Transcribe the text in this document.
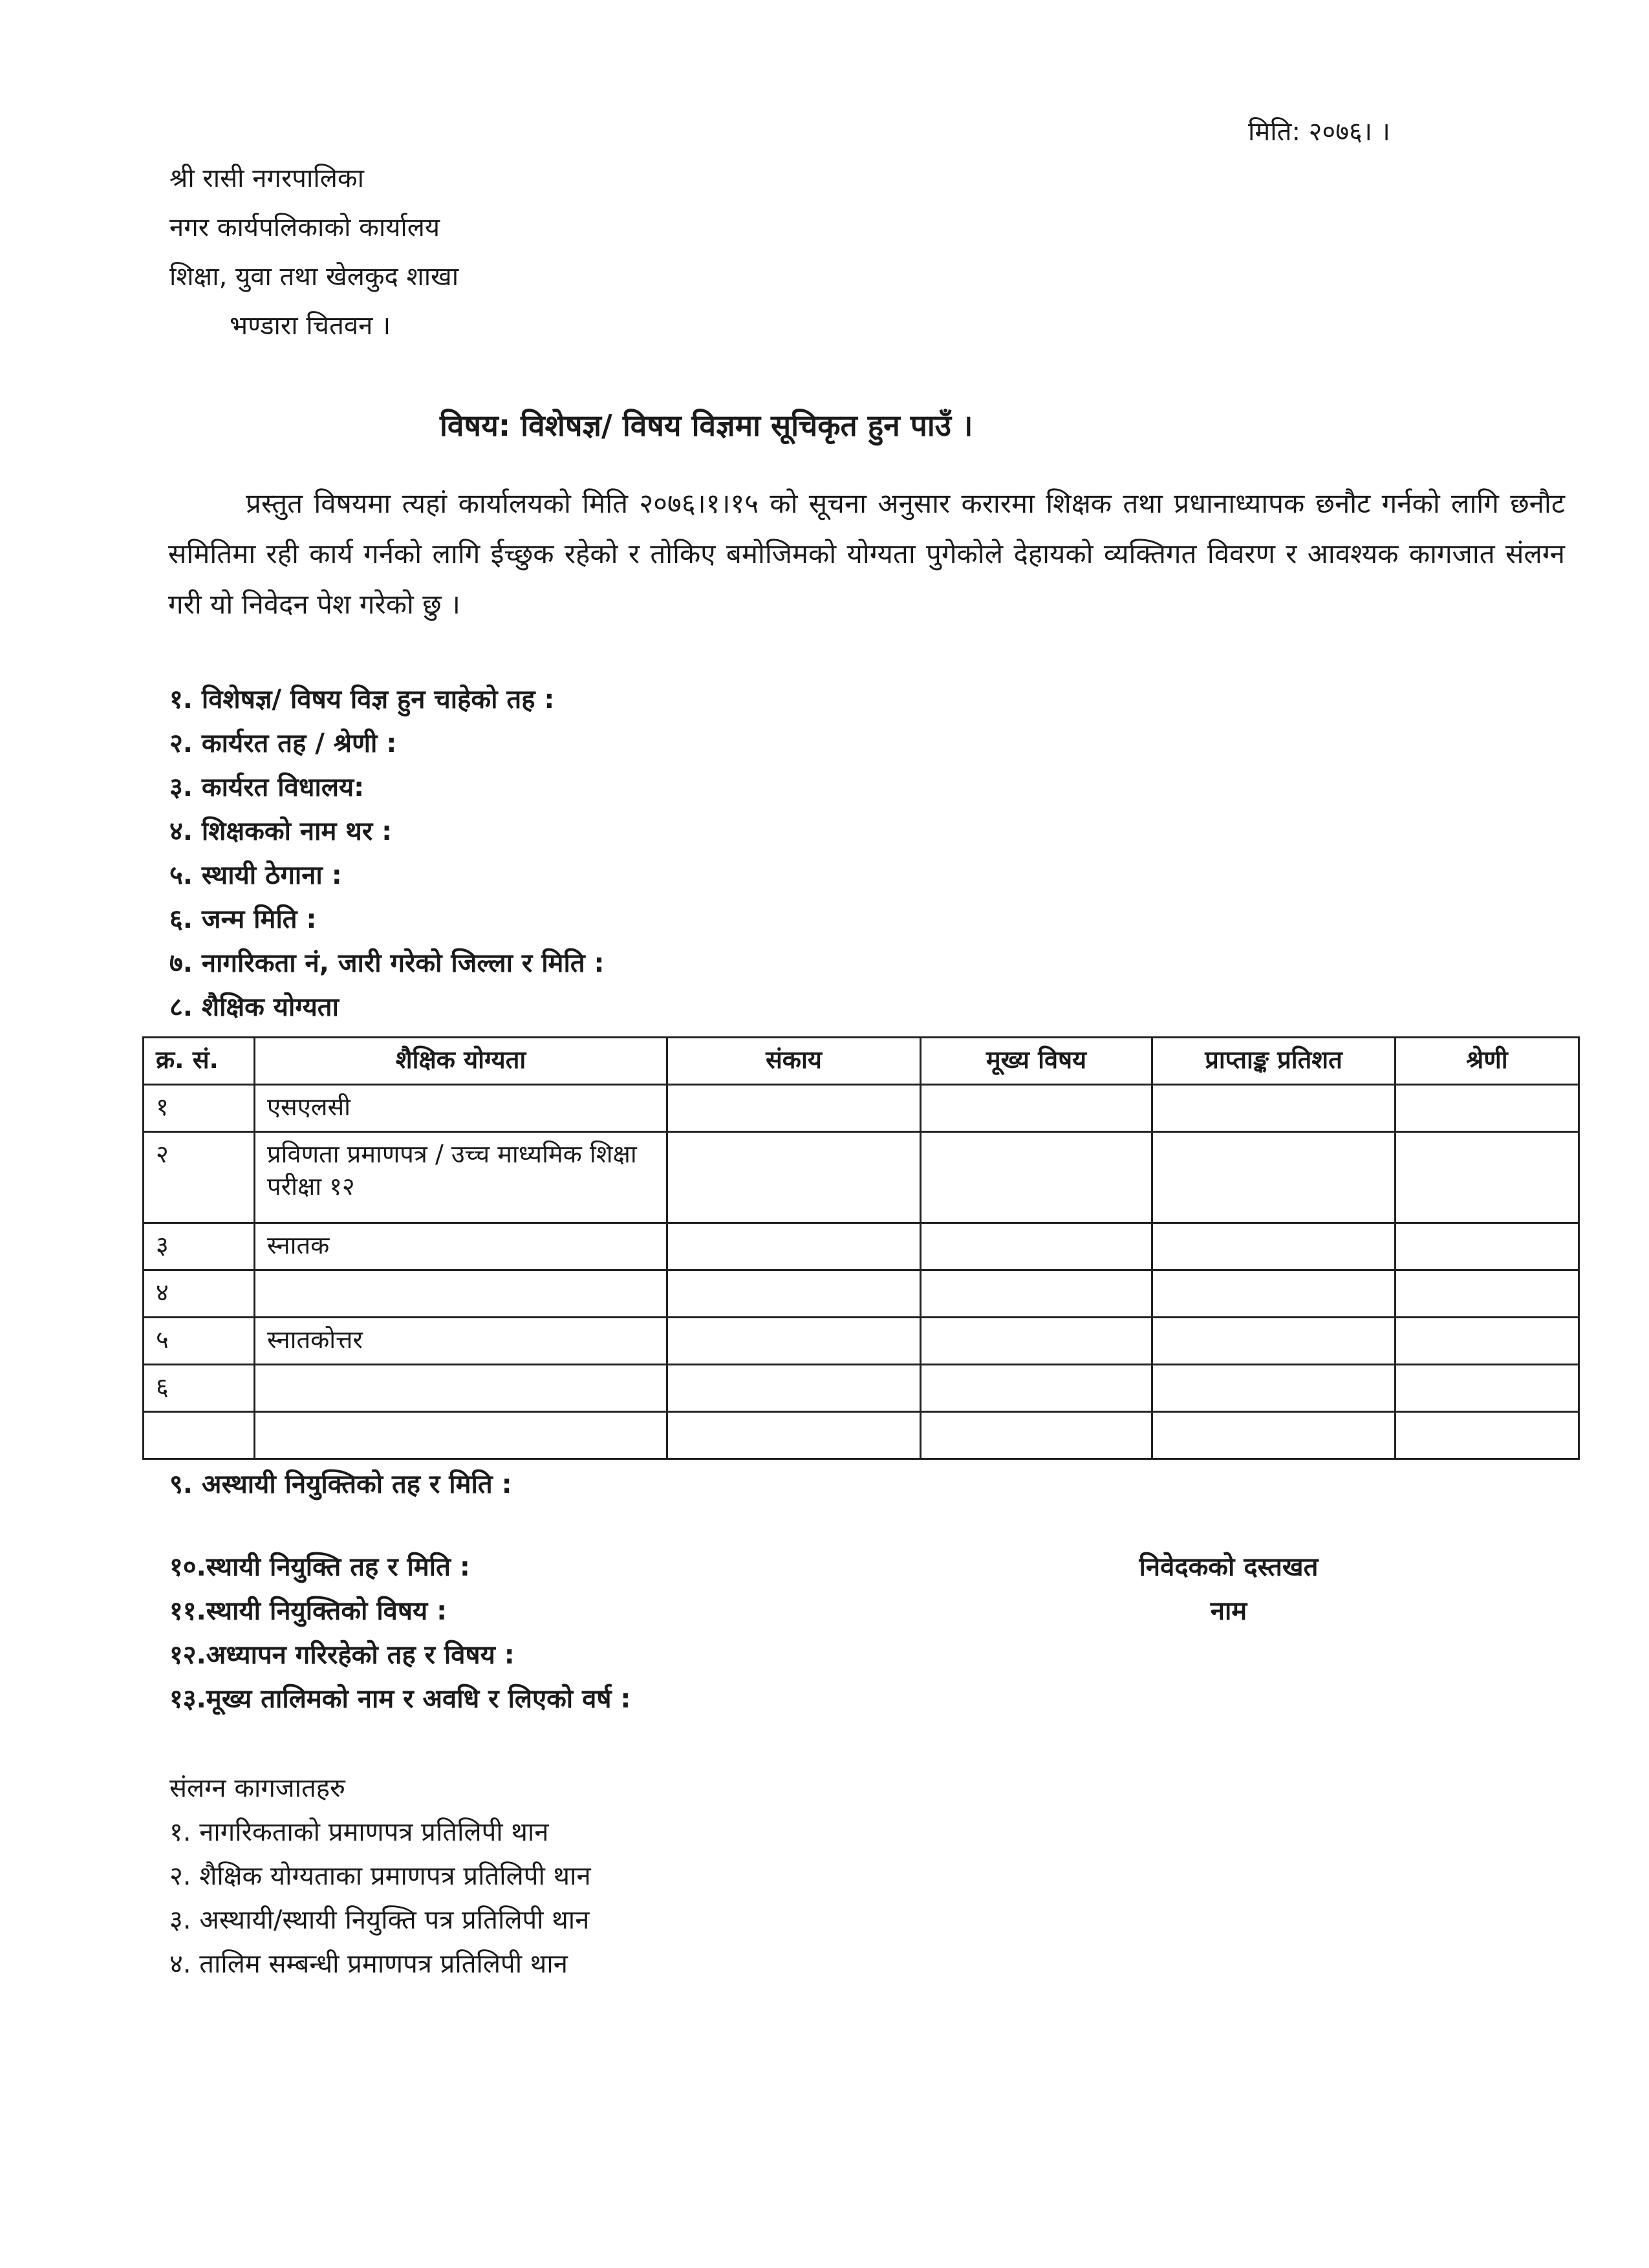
मिति: २०७६। ।
श्री रासी नगरपालिका
नगर कार्यपलिकाको कार्यालय
शिक्षा, युवा तथा खेलकुद शाखा
भण्डारा चितवन ।
विषय: विशेषज्ञ/ विषय विज्ञमा सूचिकृत हुन पाउँ ।
प्रस्तुत विषयमा त्यहां कार्यालयको मिति २०७६।१।१५ को सूचना अनुसार करारमा शिक्षक तथा प्रधानाध्यापक छनौट गर्नको लागि छनौट समितिमा रही कार्य गर्नको लागि ईच्छुक रहेको र तोकिए बमोजिमको योग्यता पुगेकोले देहायको व्यक्तिगत विवरण र आवश्यक कागजात संलग्न गरी यो निवेदन पेश गरेको छु ।
१. विशेषज्ञ/ विषय विज्ञ हुन चाहेको तह :
२. कार्यरत तह / श्रेणी :
३. कार्यरत विधालय:
४. शिक्षकको नाम थर :
५. स्थायी ठेगाना :
६. जन्म मिति :
७. नागरिकता नं, जारी गरेको जिल्ला र मिति :
८. शैक्षिक योग्यता
क्र. सं.	शैक्षिक योग्यता	संकाय	मूख्य विषय	प्राप्ताङ्क प्रतिशत	श्रेणी
१	एसएलसी				
२	प्रविणता प्रमाणपत्र / उच्च माध्यमिक शिक्षा परीक्षा १२				
३	स्नातक				
४					
५	स्नातकोत्तर				
६					

९. अस्थायी नियुक्तिको तह र मिति :
१०.स्थायी नियुक्ति तह र मिति :
११.स्थायी नियुक्तिको विषय :
१२.अध्यापन गरिरहेको तह र विषय :
१३.मूख्य तालिमको नाम र अवधि र लिएको वर्ष :
निवेदकको दस्तखत
नाम
संलग्न कागजातहरु
१. नागरिकताको प्रमाणपत्र प्रतिलिपी थान
२. शैक्षिक योग्यताका प्रमाणपत्र प्रतिलिपी थान
३. अस्थायी/स्थायी नियुक्ति पत्र प्रतिलिपी थान
४. तालिम सम्बन्धी प्रमाणपत्र प्रतिलिपी थान
